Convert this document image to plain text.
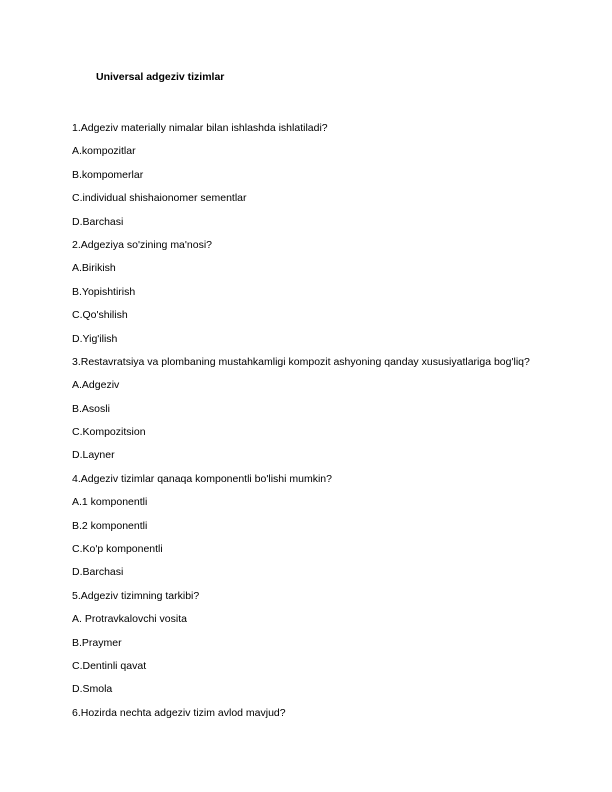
Universal adgeziv tizimlar
1.Adgeziv materially nimalar bilan ishlashda ishlatiladi?
A.kompozitlar
B.kompomerlar
C.individual shishaionomer sementlar
D.Barchasi
2.Adgeziya so'zining ma'nosi?
A.Birikish
B.Yopishtirish
C.Qo'shilish
D.Yig'ilish
3.Restavratsiya va plombaning mustahkamligi kompozit ashyoning qanday xususiyatlariga bog'liq?
A.Adgeziv
B.Asosli
C.Kompozitsion
D.Layner
4.Adgeziv tizimlar qanaqa komponentli bo'lishi mumkin?
A.1 komponentli
B.2 komponentli
C.Ko'p komponentli
D.Barchasi
5.Adgeziv tizimning tarkibi?
A. Protravkalovchi vosita
B.Praymer
C.Dentinli qavat
D.Smola
6.Hozirda nechta adgeziv tizim avlod mavjud?
